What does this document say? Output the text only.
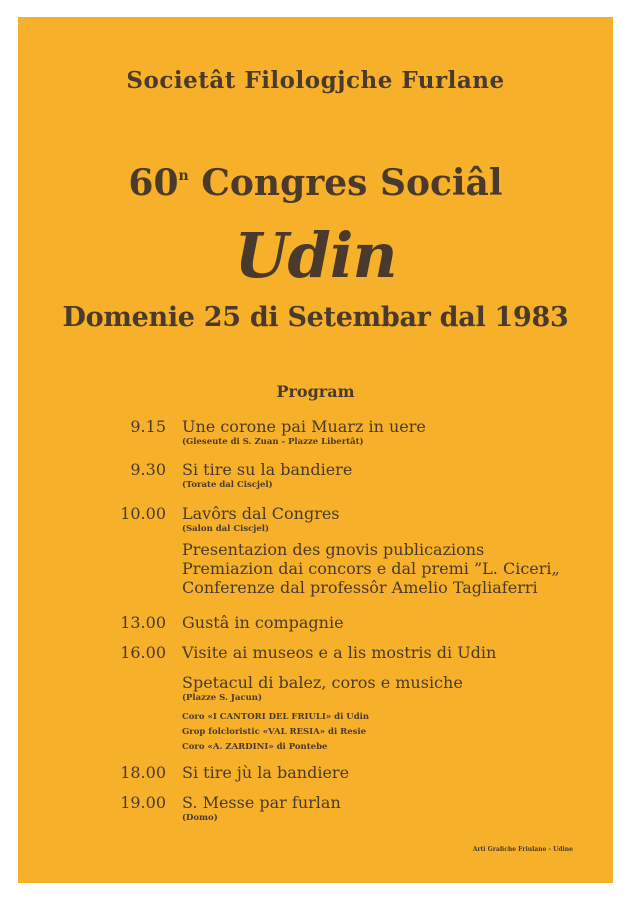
Societât Filologjche Furlane
60$^n$ Congres Sociâl
Udin
Domenie 25 di Setembar dal 1983
Program
9.15 Une corone pai Muarz in uere
(Gleseute di S. Zuan - Plazze Libertât)
9.30 Si tire su la bandiere
(Torate dal Ciscjel)
10.00 Lavôrs dal Congres
(Salon dal Ciscjel)
Presentazion des gnovis publicazions
Premiazion dai concors e dal premi ”L. Ciceri„
Conferenze dal professôr Amelio Tagliaferri
13.00 Gustâ in compagnie
16.00 Visite ai museos e a lis mostris di Udin
Spetacul di balez, coros e musiche
(Plazze S. Jacun)
Coro «I CANTORI DEL FRIULI» di Udin
Grop folcloristic «VAL RESIA» di Resie
Coro «A. ZARDINI» di Pontebe
18.00 Si tire jù la bandiere
19.00 S. Messe par furlan
(Domo)
Arti Grafiche Friulane - Udine
